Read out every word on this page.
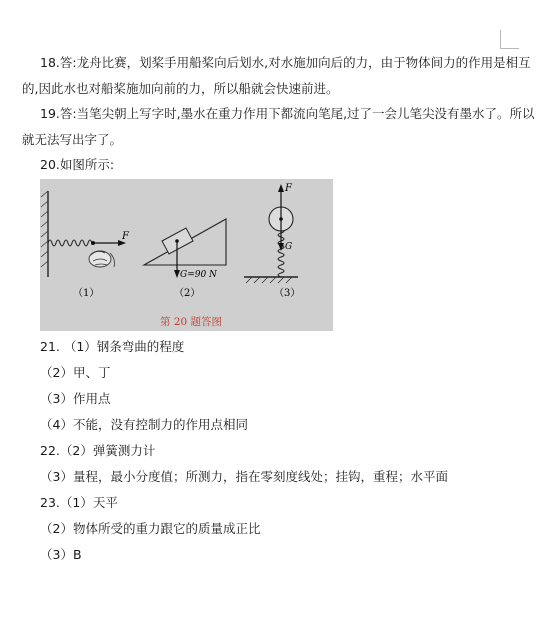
18.答:龙舟比赛，划桨手用船桨向后划水,对水施加向后的力，由于物体间力的作用是相互
的,因此水也对船桨施加向前的力，所以船就会快速前进。
19.答:当笔尖朝上写字时,墨水在重力作用下都流向笔尾,过了一会儿笔尖没有墨水了。所以
就无法写出字了。
20.如图所示:
F
（1）
G=90 N
（2）
F
G
（3）
第 20 题答图
21. （1）钢条弯曲的程度
（2）甲、丁
（3）作用点
（4）不能，没有控制力的作用点相同
22.（2）弹簧测力计
（3）量程，最小分度值；所测力，指在零刻度线处；挂钩，重程；水平面
23.（1）天平
（2）物体所受的重力跟它的质量成正比
（3）B
